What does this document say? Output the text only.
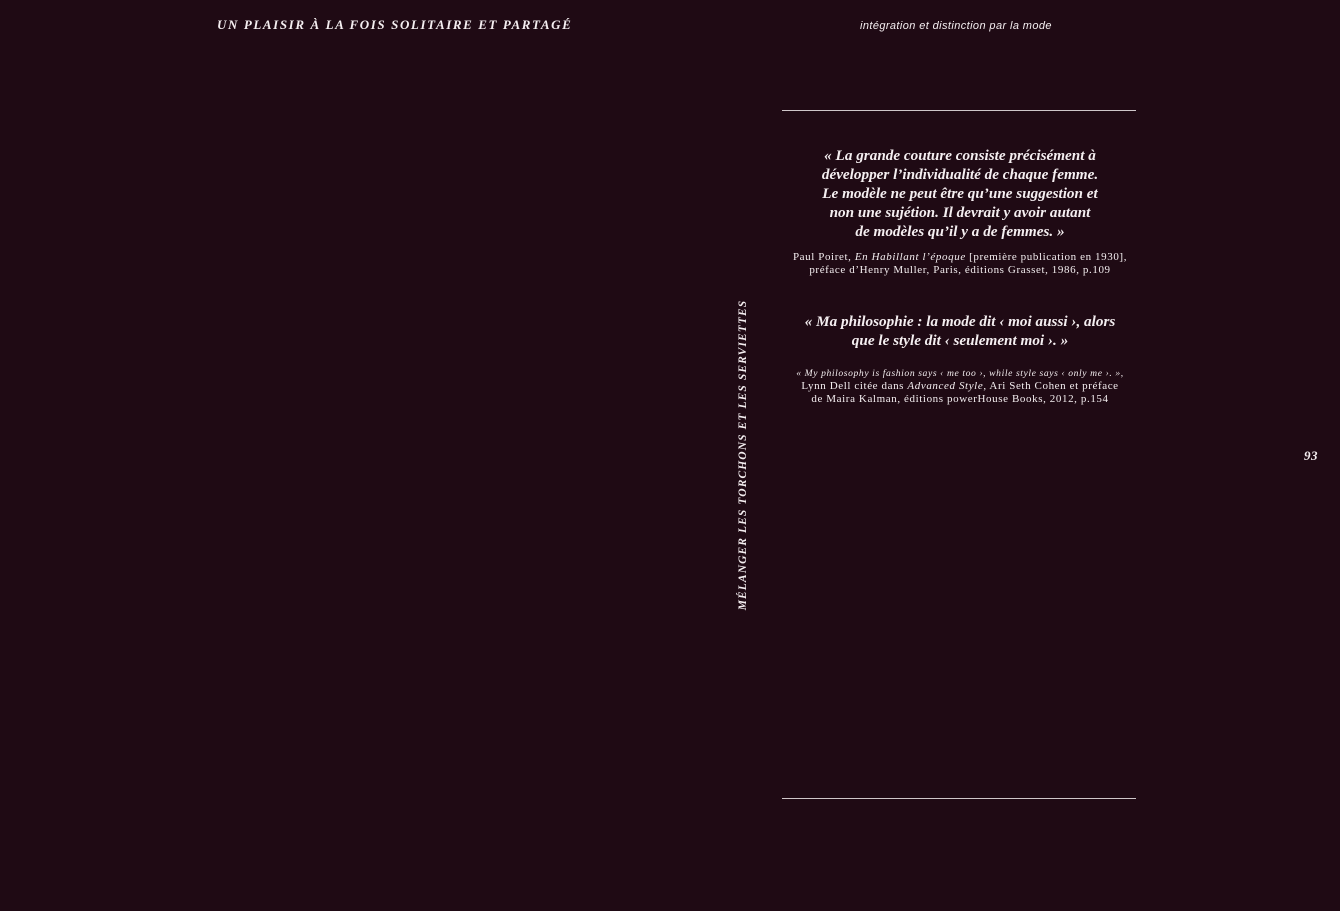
UN PLAISIR À LA FOIS SOLITAIRE ET PARTAGÉ	intégration et distinction par la mode
MÉLANGER LES TORCHONS ET LES SERVIETTES

« La grande couture consiste précisément à
développer l’individualité de chaque femme.
Le modèle ne peut être qu’une suggestion et
non une sujétion. Il devrait y avoir autant
de modèles qu’il y a de femmes. »

Paul Poiret, En Habillant l’époque [première publication en 1930],
préface d’Henry Muller, Paris, éditions Grasset, 1986, p.109

« Ma philosophie : la mode dit ‹ moi aussi ›, alors
que le style dit ‹ seulement moi ›. »

« My philosophy is fashion says ‹ me too ›, while style says ‹ only me ›. »,
Lynn Dell citée dans Advanced Style, Ari Seth Cohen et préface
de Maira Kalman, éditions powerHouse Books, 2012, p.154

93
